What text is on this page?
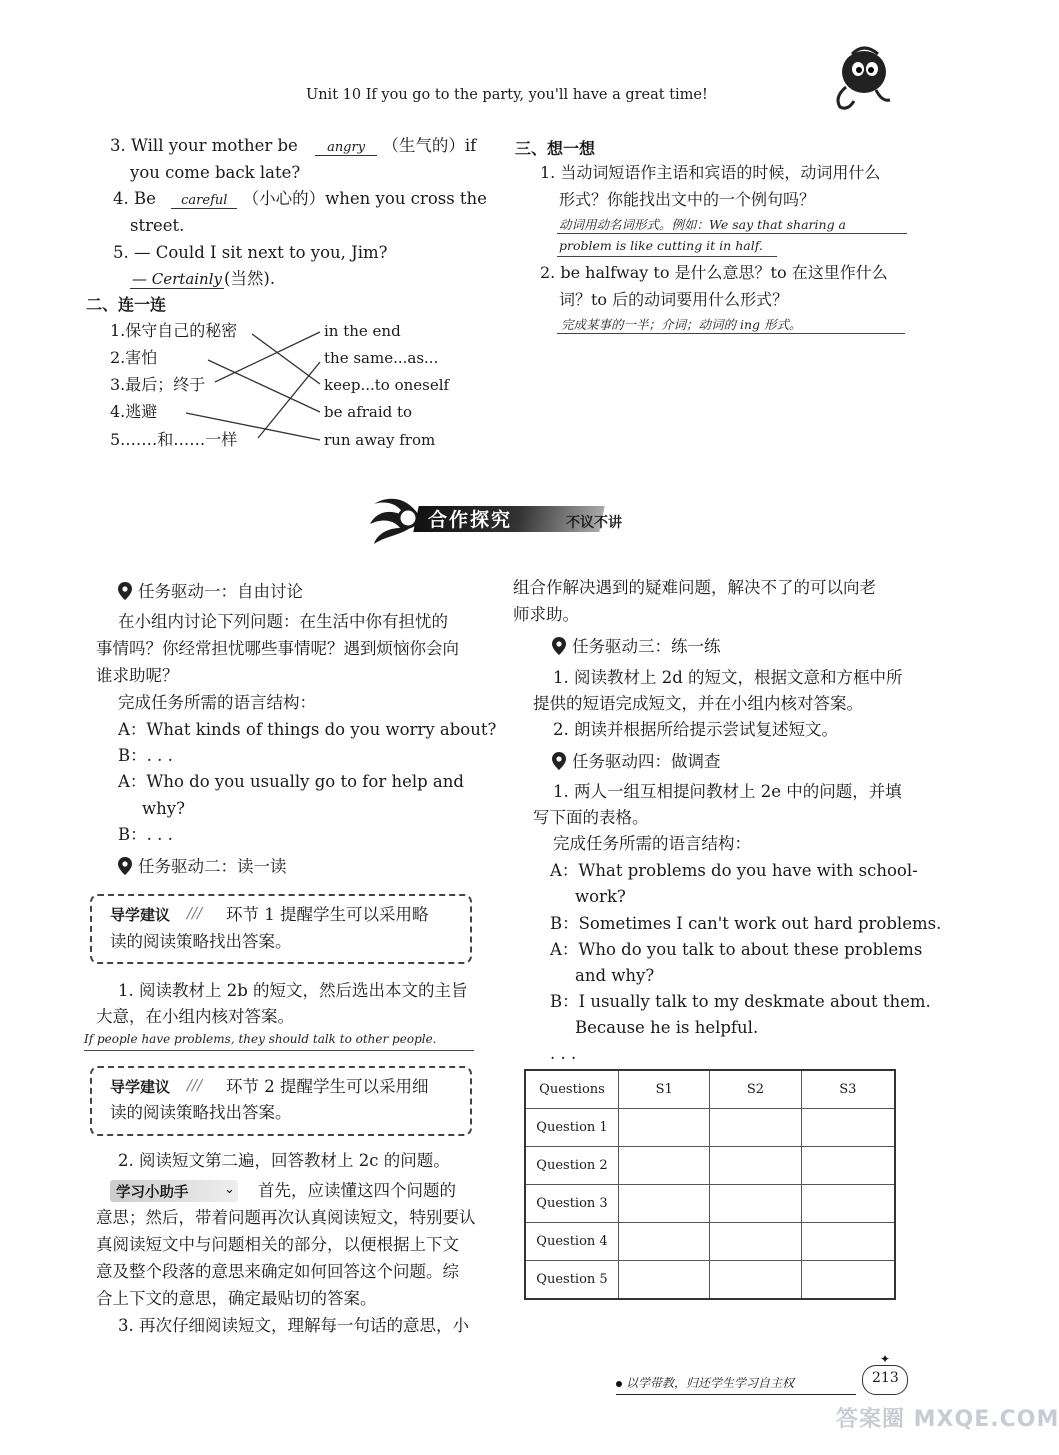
Unit 10 If you go to the party, you'll have a great time!
3. Will your mother be angry （生气的）if
you come back late?
4. Be careful （小心的）when you cross the
street.
5. — Could I sit next to you, Jim?
— Certainly (当然).
二、连一连
1.保守自己的秘密
2.害怕
3.最后；终于
4.逃避
5.……和……一样
in the end
the same...as...
keep...to oneself
be afraid to
run away from
三、想一想
1. 当动词短语作主语和宾语的时候，动词用什么
形式？你能找出文中的一个例句吗？
动词用动名词形式。例如：We say that sharing a
problem is like cutting it in half.
2. be halfway to 是什么意思？to 在这里作什么
词？to 后的动词要用什么形式？
完成某事的一半；介词；动词的 ing 形式。
合作探究	不议不讲
任务驱动一：自由讨论
在小组内讨论下列问题：在生活中你有担忧的
事情吗？你经常担忧哪些事情呢？遇到烦恼你会向
谁求助呢？
完成任务所需的语言结构：
A：What kinds of things do you worry about?
B：. . .
A：Who do you usually go to for help and
why?
B：. . .
任务驱动二：读一读
导学建议 /// 环节 1 提醒学生可以采用略
读的阅读策略找出答案。
1. 阅读教材上 2b 的短文，然后选出本文的主旨
大意，在小组内核对答案。
If people have problems, they should talk to other people.
导学建议 /// 环节 2 提醒学生可以采用细
读的阅读策略找出答案。
2. 阅读短文第二遍，回答教材上 2c 的问题。
学习小助手	⌄ 首先，应读懂这四个问题的
意思；然后，带着问题再次认真阅读短文，特别要认
真阅读短文中与问题相关的部分，以便根据上下文
意及整个段落的意思来确定如何回答这个问题。综
合上下文的意思，确定最贴切的答案。
3. 再次仔细阅读短文，理解每一句话的意思，小
组合作解决遇到的疑难问题，解决不了的可以向老
师求助。
任务驱动三：练一练
1. 阅读教材上 2d 的短文，根据文意和方框中所
提供的短语完成短文，并在小组内核对答案。
2. 朗读并根据所给提示尝试复述短文。
任务驱动四：做调查
1. 两人一组互相提问教材上 2e 中的问题，并填
写下面的表格。
完成任务所需的语言结构：
A：What problems do you have with school-
work?
B：Sometimes I can't work out hard problems.
A：Who do you talk to about these problems
and why?
B：I usually talk to my deskmate about them.
Because he is helpful.
. . .
Questions	S1	S2	S3
Question 1			
Question 2			
Question 3			
Question 4			
Question 5			
以学带教，归还学生学习自主权	213
✦
答案圈 MXQE.COM
